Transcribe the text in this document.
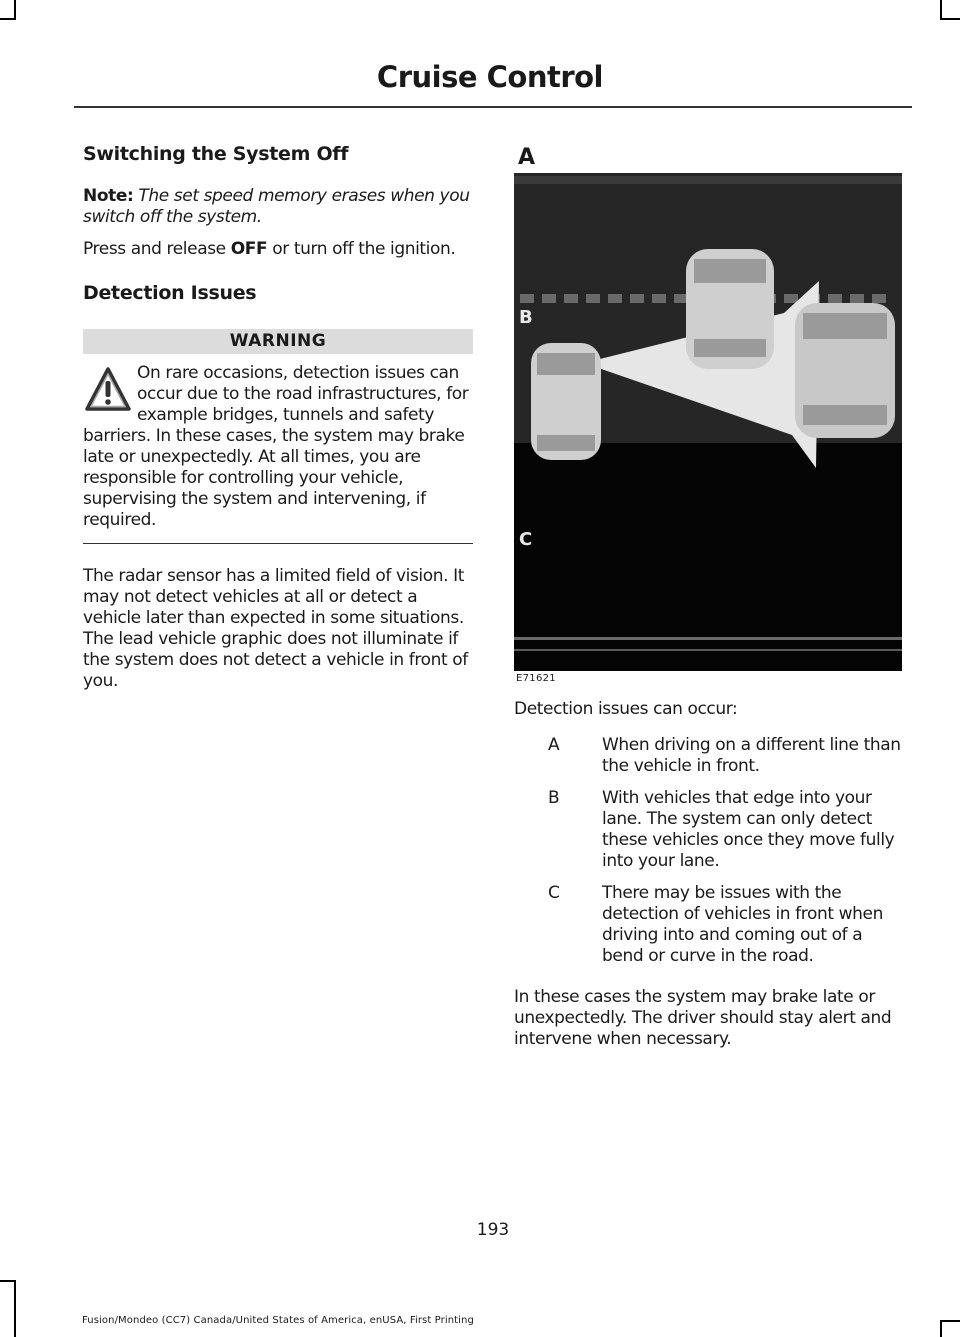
Cruise Control
Switching the System Off

Note: The set speed memory erases when you switch off the system.

Press and release OFF or turn off the ignition.

Detection Issues
WARNING
On rare occasions, detection issues can occur due to the road infrastructures, for example bridges, tunnels and safety barriers. In these cases, the system may brake late or unexpectedly. At all times, you are responsible for controlling your vehicle, supervising the system and intervening, if required.

The radar sensor has a limited field of vision. It may not detect vehicles at all or detect a vehicle later than expected in some situations. The lead vehicle graphic does not illuminate if the system does not detect a vehicle in front of you.

A
B
C
E71621

Detection issues can occur:

A	When driving on a different line than the vehicle in front.
B	With vehicles that edge into your lane. The system can only detect these vehicles once they move fully into your lane.
C	There may be issues with the detection of vehicles in front when driving into and coming out of a bend or curve in the road.

In these cases the system may brake late or unexpectedly. The driver should stay alert and intervene when necessary.

193
Fusion/Mondeo (CC7) Canada/United States of America, enUSA, First Printing
